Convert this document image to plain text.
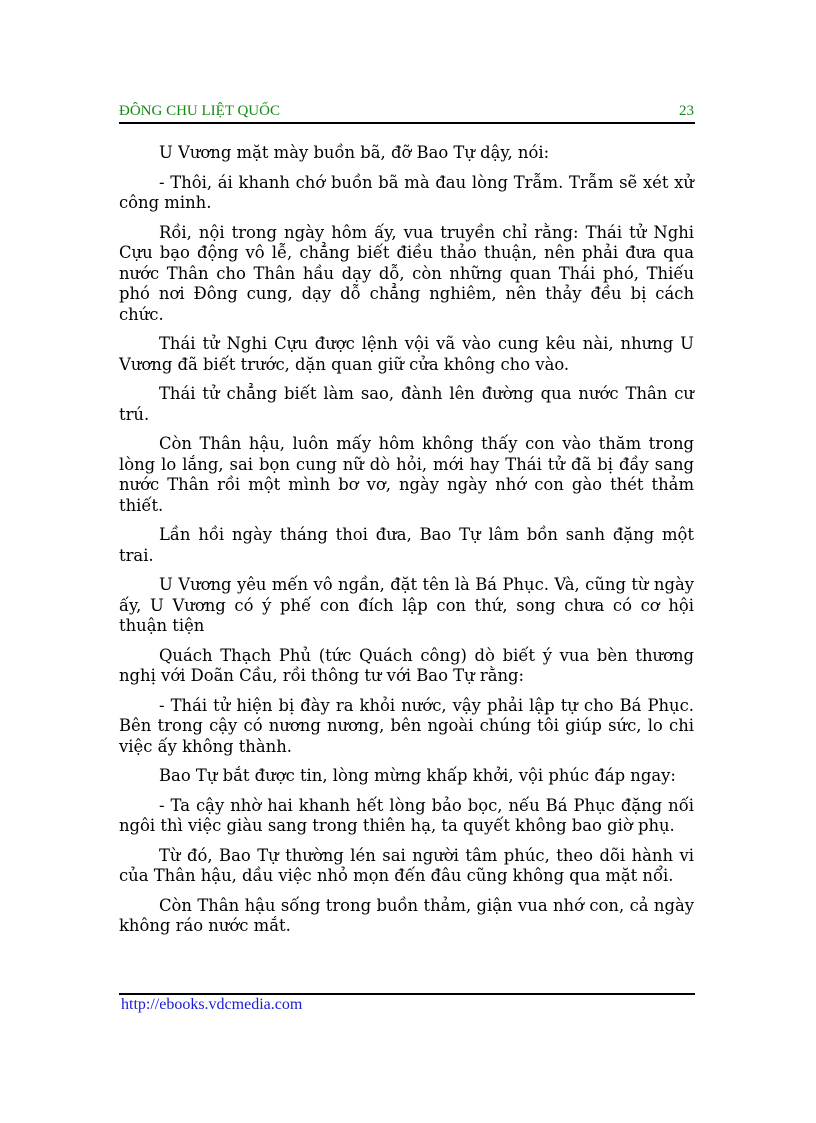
ĐÔNG CHU LIỆT QUỐC	23

U Vương mặt mày buồn bã, đỡ Bao Tự dậy, nói:

- Thôi, ái khanh chớ buồn bã mà đau lòng Trẫm. Trẫm sẽ xét xử công minh.

Rồi, nội trong ngày hôm ấy, vua truyền chỉ rằng: Thái tử Nghi Cựu bạo động vô lễ, chẳng biết điều thảo thuận, nên phải đưa qua nước Thân cho Thân hầu dạy dỗ, còn những quan Thái phó, Thiếu phó nơi Đông cung, dạy dỗ chẳng nghiêm, nên thảy đều bị cách chức.

Thái tử Nghi Cựu được lệnh vội vã vào cung kêu nài, nhưng U Vương đã biết trước, dặn quan giữ cửa không cho vào.

Thái tử chẳng biết làm sao, đành lên đường qua nước Thân cư trú.

Còn Thân hậu, luôn mấy hôm không thấy con vào thăm trong lòng lo lắng, sai bọn cung nữ dò hỏi, mới hay Thái tử đã bị đầy sang nước Thân rồi một mình bơ vơ, ngày ngày nhớ con gào thét thảm thiết.

Lần hồi ngày tháng thoi đưa, Bao Tự lâm bồn sanh đặng một trai.

U Vương yêu mến vô ngần, đặt tên là Bá Phục. Và, cũng từ ngày ấy, U Vương có ý phế con đích lập con thứ, song chưa có cơ hội thuận tiện

Quách Thạch Phủ (tức Quách công) dò biết ý vua bèn thương nghị với Doãn Cầu, rồi thông tư với Bao Tự rằng:

- Thái tử hiện bị đày ra khỏi nước, vậy phải lập tự cho Bá Phục. Bên trong cậy có nương nương, bên ngoài chúng tôi giúp sức, lo chi việc ấy không thành.

Bao Tự bắt được tin, lòng mừng khấp khởi, vội phúc đáp ngay:

- Ta cậy nhờ hai khanh hết lòng bảo bọc, nếu Bá Phục đặng nối ngôi thì việc giàu sang trong thiên hạ, ta quyết không bao giờ phụ.

Từ đó, Bao Tự thường lén sai người tâm phúc, theo dõi hành vi của Thân hậu, dầu việc nhỏ mọn đến đâu cũng không qua mặt nổi.

Còn Thân hậu sống trong buồn thảm, giận vua nhớ con, cả ngày không ráo nước mắt.

http://ebooks.vdcmedia.com
